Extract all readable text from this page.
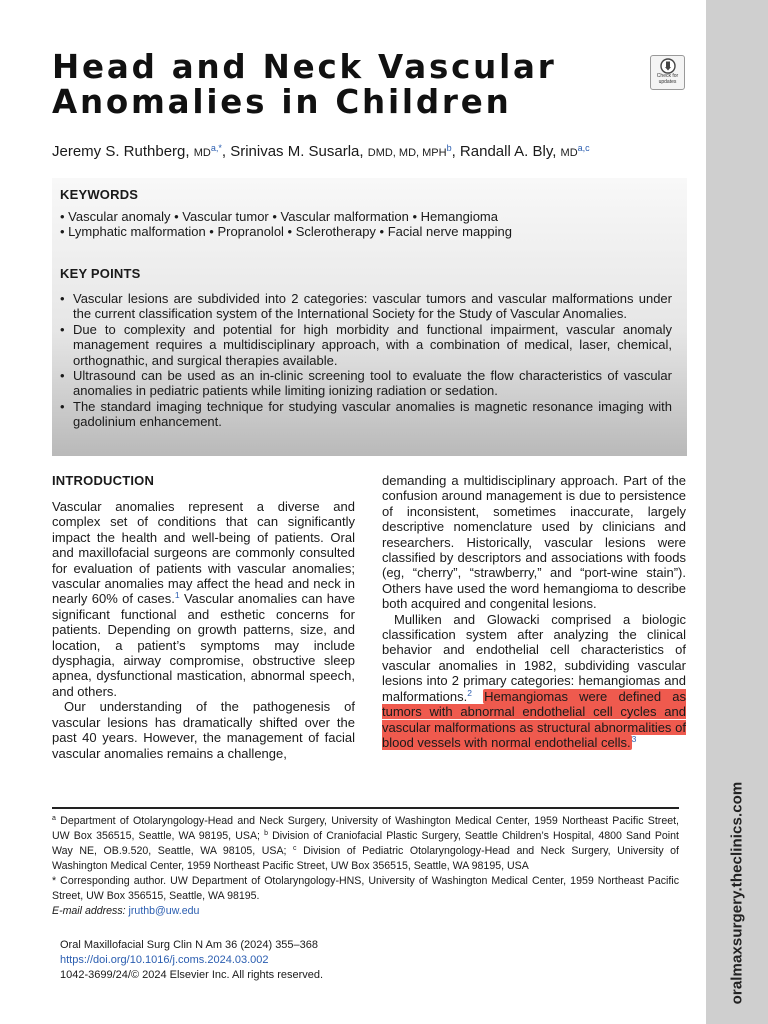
oralmaxsurgery.theclinics.com
Head and Neck Vascular Anomalies in Children
Check for updates
Jeremy S. Ruthberg, $MD^{a,*}$, Srinivas M. Susarla, DMD, MD, MPH$^b$, Randall A. Bly, MD$^{a,c}$
KEYWORDS
• Vascular anomaly • Vascular tumor • Vascular malformation • Hemangioma
• Lymphatic malformation • Propranolol • Sclerotherapy • Facial nerve mapping
KEY POINTS
• Vascular lesions are subdivided into 2 categories: vascular tumors and vascular malformations under the current classification system of the International Society for the Study of Vascular Anomalies.
• Due to complexity and potential for high morbidity and functional impairment, vascular anomaly management requires a multidisciplinary approach, with a combination of medical, laser, chemical, orthognathic, and surgical therapies available.
• Ultrasound can be used as an in-clinic screening tool to evaluate the flow characteristics of vascular anomalies in pediatric patients while limiting ionizing radiation or sedation.
• The standard imaging technique for studying vascular anomalies is magnetic resonance imaging with gadolinium enhancement.
INTRODUCTION

Vascular anomalies represent a diverse and complex set of conditions that can significantly impact the health and well-being of patients. Oral and maxillofacial surgeons are commonly consulted for evaluation of patients with vascular anomalies; vascular anomalies may affect the head and neck in nearly 60% of cases.$^1$ Vascular anomalies can have significant functional and esthetic concerns for patients. Depending on growth patterns, size, and location, a patient’s symptoms may include dysphagia, airway compromise, obstructive sleep apnea, dysfunctional mastication, abnormal speech, and others.

Our understanding of the pathogenesis of vascular lesions has dramatically shifted over the past 40 years. However, the management of facial vascular anomalies remains a challenge,

demanding a multidisciplinary approach. Part of the confusion around management is due to persistence of inconsistent, sometimes inaccurate, largely descriptive nomenclature used by clinicians and researchers. Historically, vascular lesions were classified by descriptors and associations with foods (eg, “cherry”, “strawberry,” and “port-wine stain”). Others have used the word hemangioma to describe both acquired and congenital lesions.

Mulliken and Glowacki comprised a biologic classification system after analyzing the clinical behavior and endothelial cell characteristics of vascular anomalies in 1982, subdividing vascular lesions into 2 primary categories: hemangiomas and malformations.$^2$ Hemangiomas were defined as tumors with abnormal endothelial cell cycles and vascular malformations as structural abnormalities of blood vessels with normal endothelial cells.$^3$

$^a$ Department of Otolaryngology-Head and Neck Surgery, University of Washington Medical Center, 1959 Northeast Pacific Street, UW Box 356515, Seattle, WA 98195, USA; $^b$ Division of Craniofacial Plastic Surgery, Seattle Children’s Hospital, 4800 Sand Point Way NE, OB.9.520, Seattle, WA 98105, USA; $^c$ Division of Pediatric Otolaryngology-Head and Neck Surgery, University of Washington Medical Center, 1959 Northeast Pacific Street, UW Box 356515, Seattle, WA 98195, USA

* Corresponding author. UW Department of Otolaryngology-HNS, University of Washington Medical Center, 1959 Northeast Pacific Street, UW Box 356515, Seattle, WA 98195.

E-mail address: jruthb@uw.edu

Oral Maxillofacial Surg Clin N Am 36 (2024) 355–368
https://doi.org/10.1016/j.coms.2024.03.002
1042-3699/24/© 2024 Elsevier Inc. All rights reserved.
